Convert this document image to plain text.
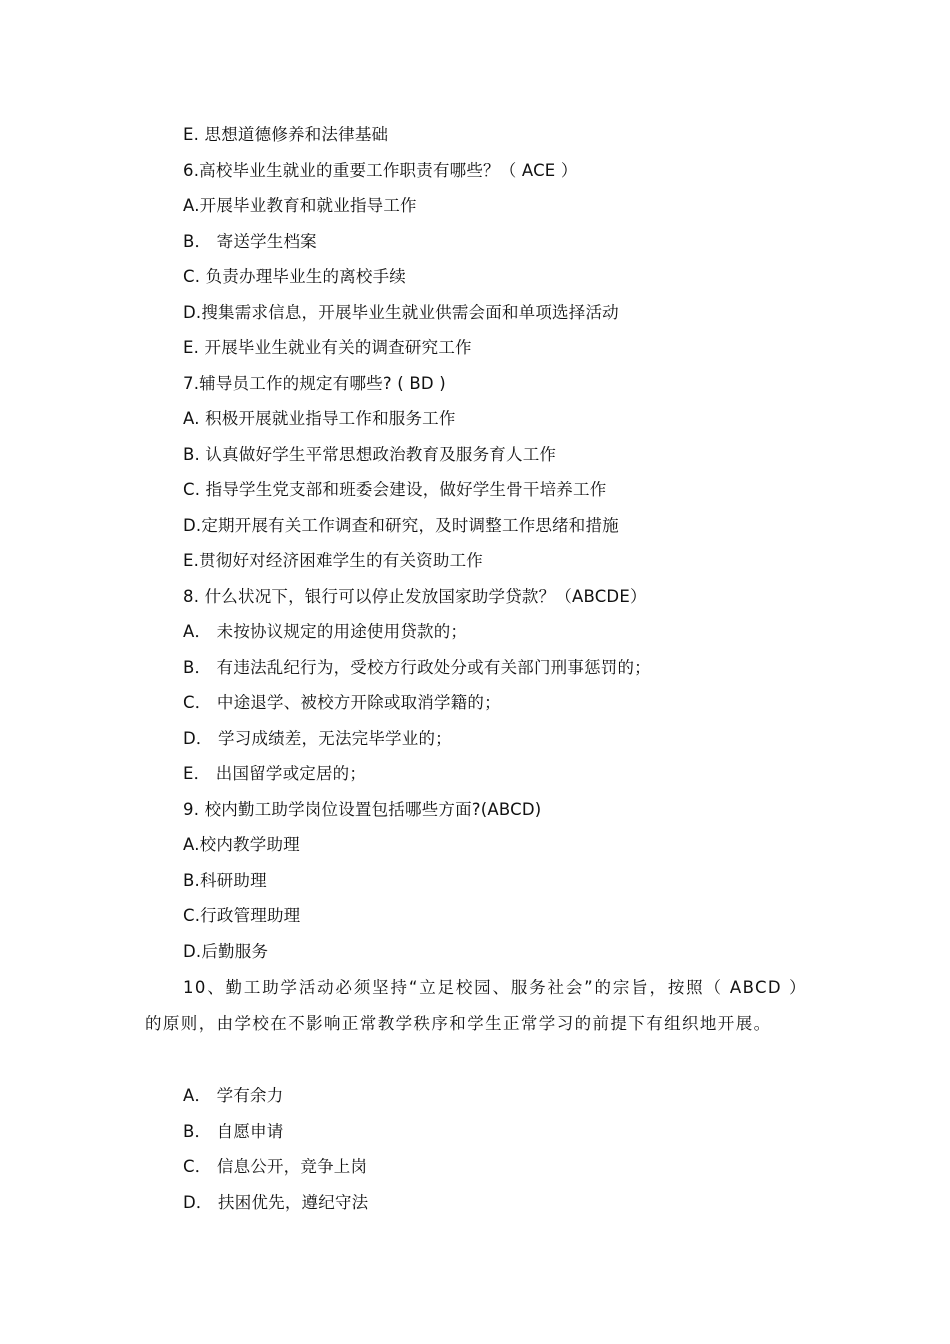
E. 思想道德修养和法律基础
6.高校毕业生就业的重要工作职责有哪些？（ ACE ）
A.开展毕业教育和就业指导工作
B． 寄送学生档案
C. 负责办理毕业生的离校手续
D.搜集需求信息，开展毕业生就业供需会面和单项选择活动
E. 开展毕业生就业有关的调查研究工作
7.辅导员工作的规定有哪些? ( BD )
A. 积极开展就业指导工作和服务工作
B. 认真做好学生平常思想政治教育及服务育人工作
C. 指导学生党支部和班委会建设，做好学生骨干培养工作
D.定期开展有关工作调查和研究，及时调整工作思绪和措施
E.贯彻好对经济困难学生的有关资助工作
8. 什么状况下，银行可以停止发放国家助学贷款？（ABCDE）
A． 未按协议规定的用途使用贷款的；
B． 有违法乱纪行为，受校方行政处分或有关部门刑事惩罚的；
C． 中途退学、被校方开除或取消学籍的；
D． 学习成绩差，无法完毕学业的；
E． 出国留学或定居的；
9. 校内勤工助学岗位设置包括哪些方面?(ABCD)
A.校内教学助理
B.科研助理
C.行政管理助理
D.后勤服务
10、勤工助学活动必须坚持“立足校园、服务社会”的宗旨，按照（ ABCD ）的原则，由学校在不影响正常教学秩序和学生正常学习的前提下有组织地开展。
A． 学有余力
B． 自愿申请
C． 信息公开，竞争上岗
D． 扶困优先，遵纪守法
